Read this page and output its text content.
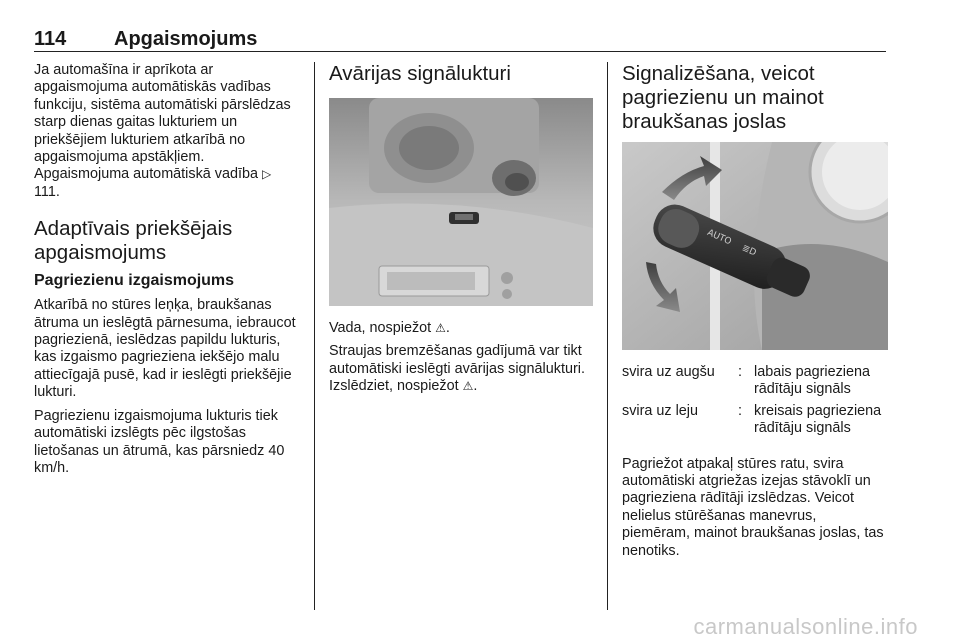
114 Apgaismojums

Ja automašīna ir aprīkota ar apgaismojuma automātiskās vadības funkciju, sistēma automātiski pārslēdzas starp dienas gaitas lukturiem un priekšējiem lukturiem atkarībā no apgaismojuma apstākļiem. Apgaismojuma automātiskā vadība ▷ 111.

Adaptīvais priekšējais apgaismojums
Pagriezienu izgaismojums

Atkarībā no stūres leņķa, braukšanas ātruma un ieslēgtā pārnesuma, iebraucot pagriezienā, ieslēdzas papildu lukturis, kas izgaismo pagrieziena iekšējo malu attiecīgajā pusē, kad ir ieslēgti priekšējie lukturi.

Pagriezienu izgaismojuma lukturis tiek automātiski izslēgts pēc ilgstošas lietošanas un ātrumā, kas pārsniedz 40 km/h.

Avārijas signālukturi

Vada, nospiežot ⚠.

Straujas bremzēšanas gadījumā var tikt automātiski ieslēgti avārijas signālukturi. Izslēdziet, nospiežot ⚠.

Signalizēšana, veicot pagriezienu un mainot braukšanas joslas
AUTO
≣D
svira uz augšu	:	labais pagrieziena rādītāju signāls
svira uz leju	:	kreisais pagrieziena rādītāju signāls

Pagriežot atpakaļ stūres ratu, svira automātiski atgriežas izejas stāvoklī un pagrieziena rādītāji izslēdzas. Veicot nelielus stūrēšanas manevrus, piemēram, mainot braukšanas joslas, tas nenotiks.

carmanualsonline.info
